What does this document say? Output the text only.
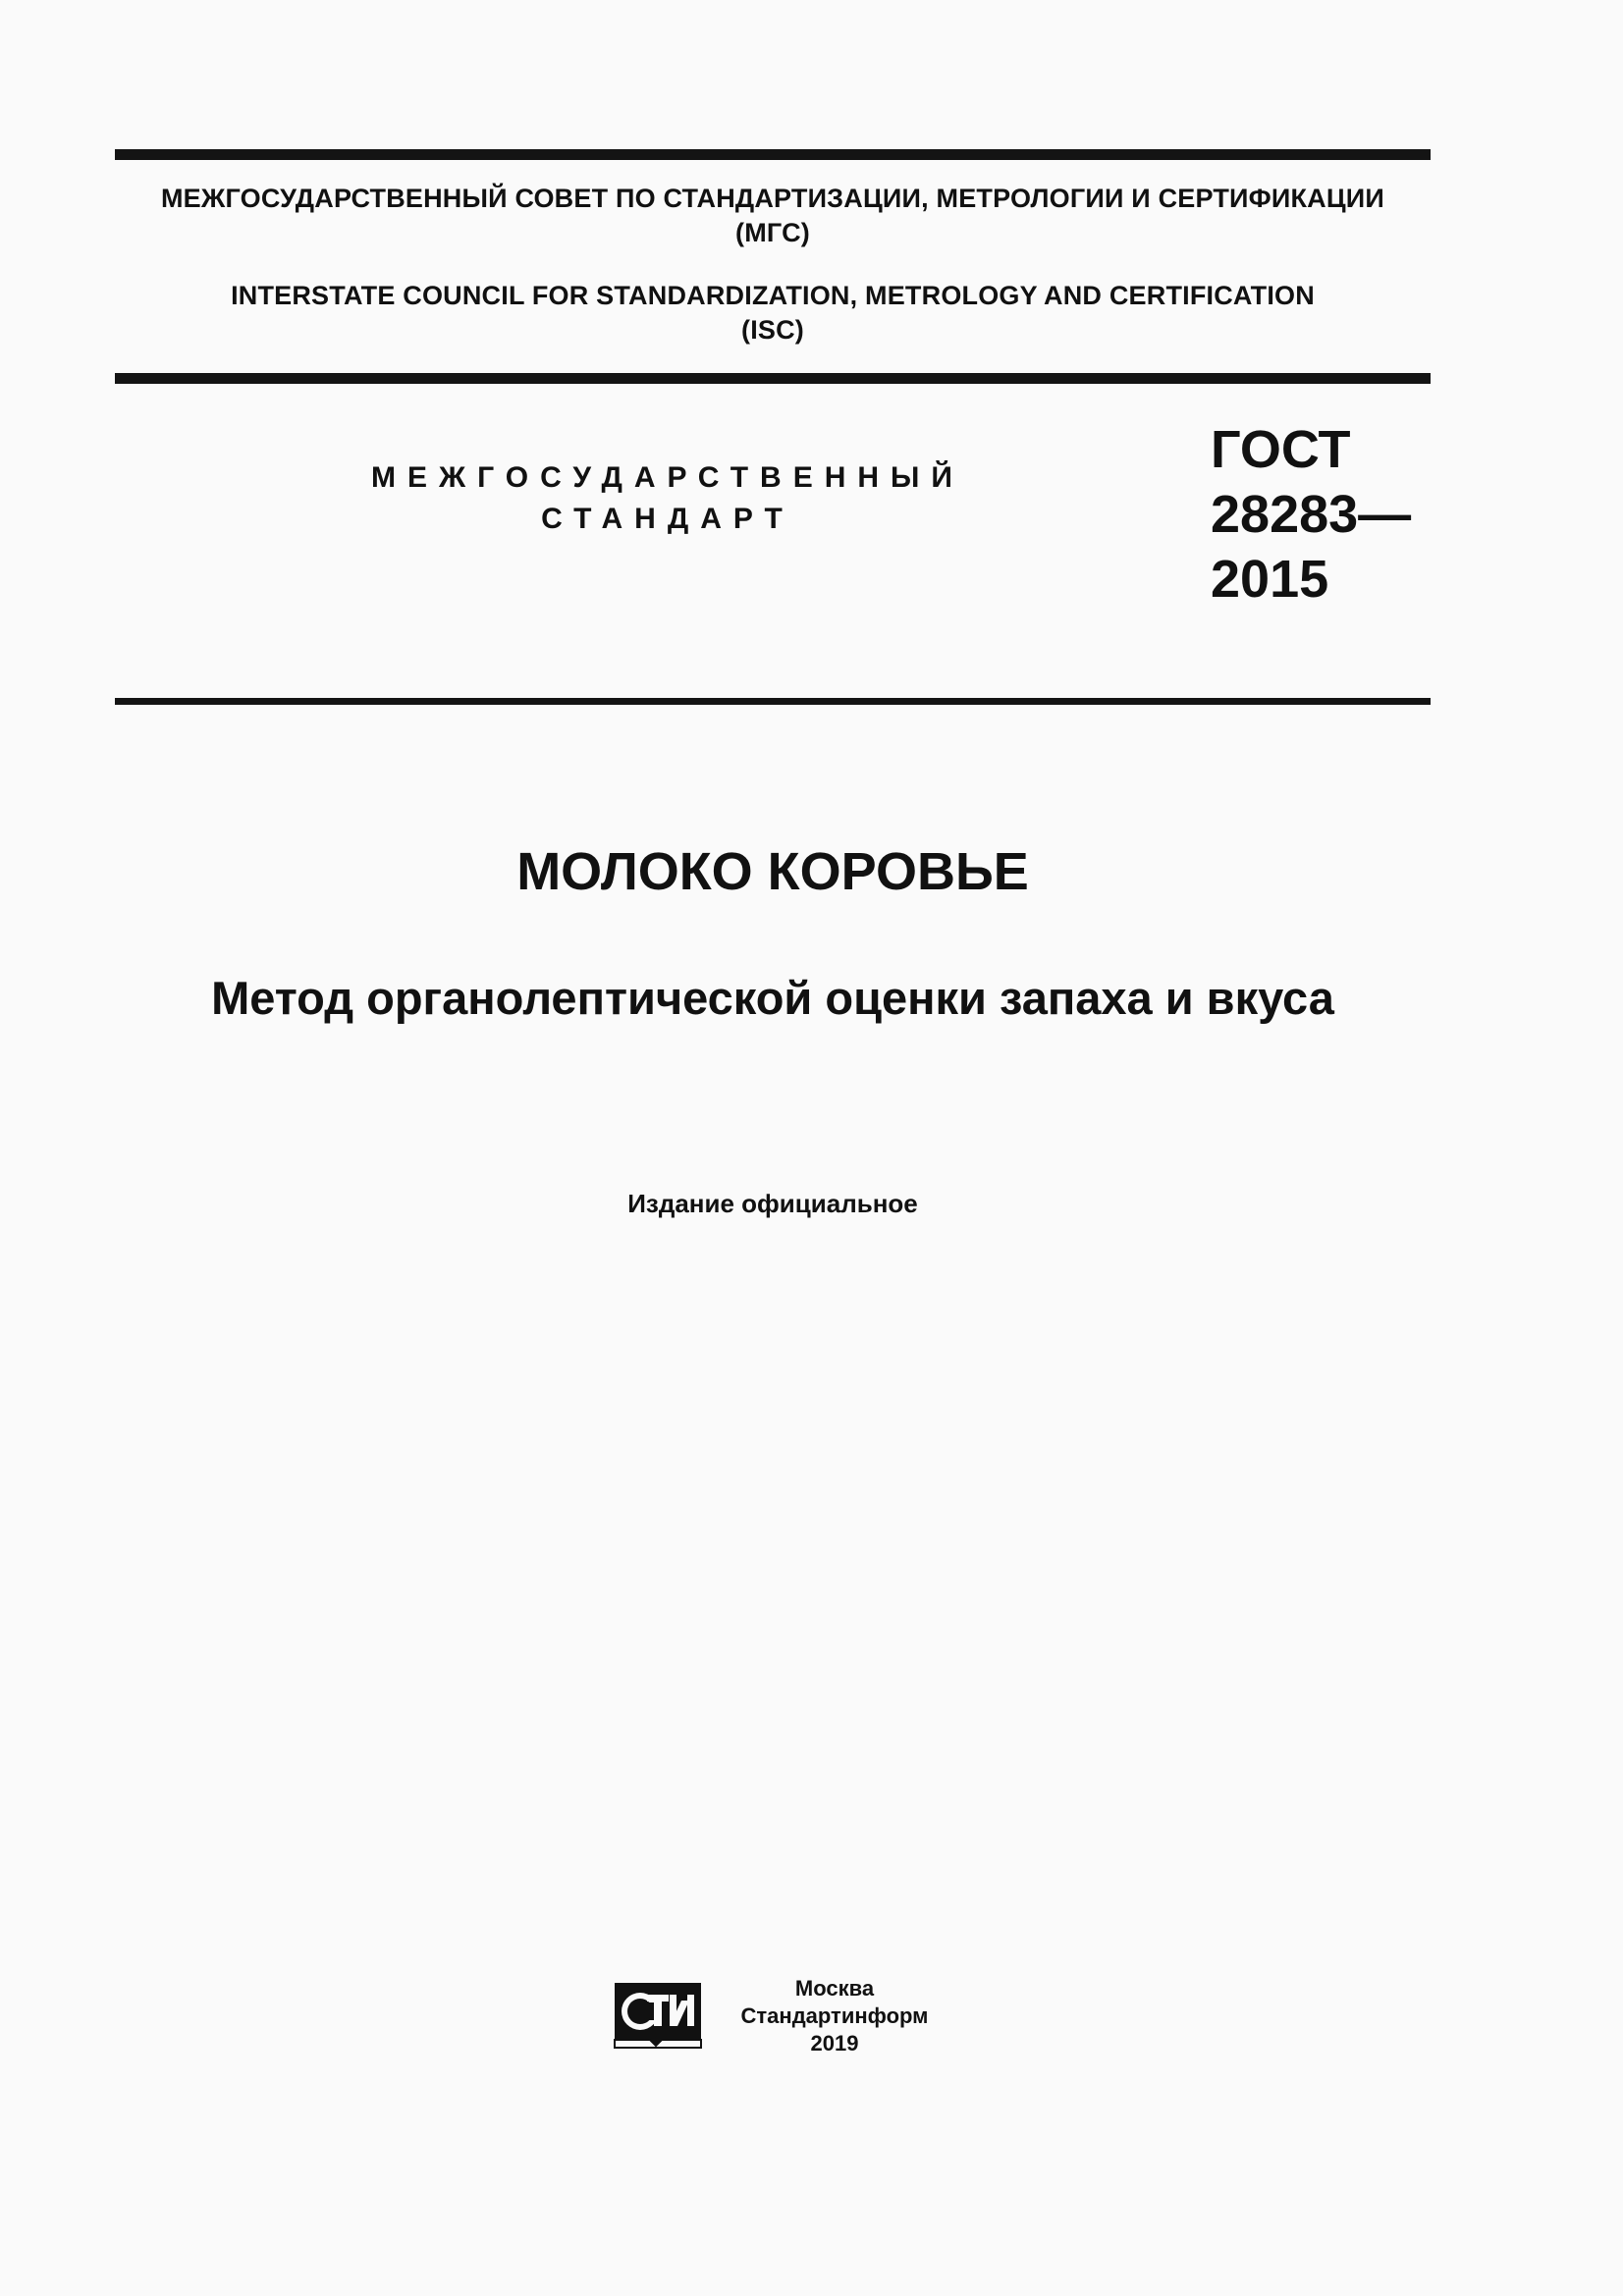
МЕЖГОСУДАРСТВЕННЫЙ СОВЕТ ПО СТАНДАРТИЗАЦИИ, МЕТРОЛОГИИ И СЕРТИФИКАЦИИ
(МГС)
INTERSTATE COUNCIL FOR STANDARDIZATION, METROLOGY AND CERTIFICATION
(ISC)
МЕЖГОСУДАРСТВЕННЫЙ
СТАНДАРТ
ГОСТ
28283—
2015
МОЛОКО КОРОВЬЕ
Метод органолептической оценки запаха и вкуса
Издание официальное
Москва
Стандартинформ
2019
